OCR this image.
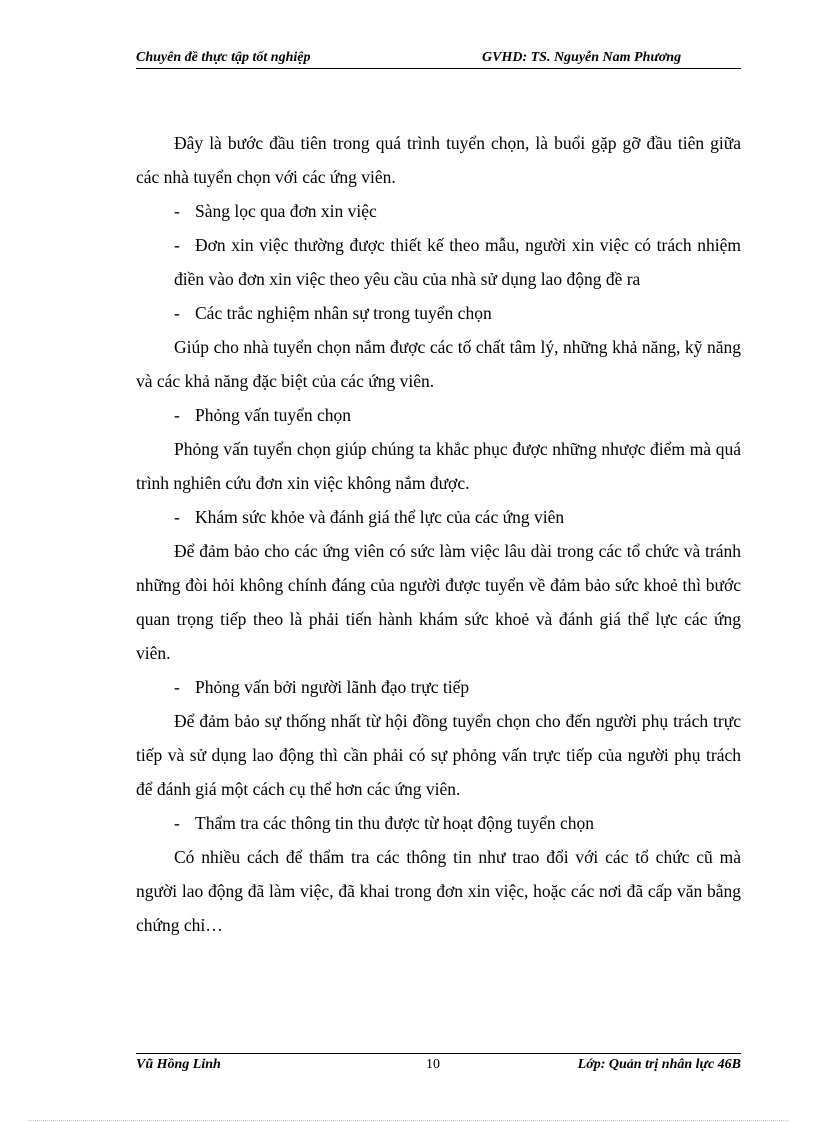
Chuyên đề thực tập tốt nghiệp	GVHD: TS. Nguyễn Nam Phương

Đây là bước đầu tiên trong quá trình tuyển chọn, là buổi gặp gỡ đầu tiên giữa các nhà tuyển chọn với các ứng viên.

- Sàng lọc qua đơn xin việc

- Đơn xin việc thường được thiết kế theo mẫu, người xin việc có trách nhiệm điền vào đơn xin việc theo yêu cầu của nhà sử dụng lao động đề ra

- Các trắc nghiệm nhân sự trong tuyển chọn

Giúp cho nhà tuyển chọn nắm được các tố chất tâm lý, những khả năng, kỹ năng và các khả năng đặc biệt của các ứng viên.

- Phỏng vấn tuyển chọn

Phỏng vấn tuyển chọn giúp chúng ta khắc phục được những nhược điểm mà quá trình nghiên cứu đơn xin việc không nắm được.

- Khám sức khỏe và đánh giá thể lực của các ứng viên

Để đảm bảo cho các ứng viên có sức làm việc lâu dài trong các tổ chức và tránh những đòi hỏi không chính đáng của người được tuyển về đảm bảo sức khoẻ thì bước quan trọng tiếp theo là phải tiến hành khám sức khoẻ và đánh giá thể lực các ứng viên.

- Phỏng vấn bởi người lãnh đạo trực tiếp

Để đảm bảo sự thống nhất từ hội đồng tuyển chọn cho đến người phụ trách trực tiếp và sử dụng lao động thì cần phải có sự phỏng vấn trực tiếp của người phụ trách để đánh giá một cách cụ thể hơn các ứng viên.

- Thẩm tra các thông tin thu được từ hoạt động tuyển chọn

Có nhiều cách để thẩm tra các thông tin như trao đổi với các tổ chức cũ mà người lao động đã làm việc, đã khai trong đơn xin việc, hoặc các nơi đã cấp văn bằng chứng chỉ…

Vũ Hồng Linh	10	Lớp: Quản trị nhân lực 46B
